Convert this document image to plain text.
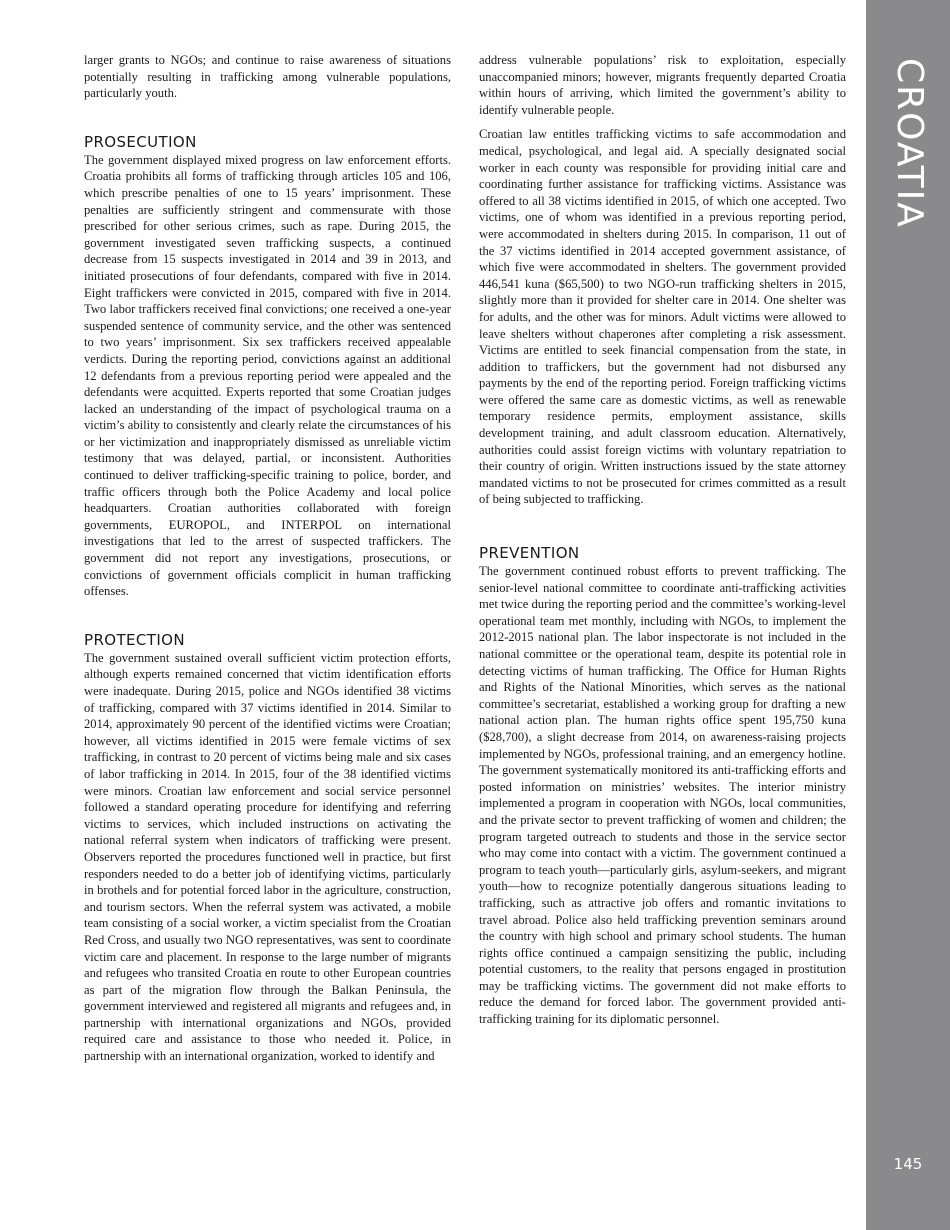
larger grants to NGOs; and continue to raise awareness of situations potentially resulting in trafficking among vulnerable populations, particularly youth.

PROSECUTION

The government displayed mixed progress on law enforcement efforts. Croatia prohibits all forms of trafficking through articles 105 and 106, which prescribe penalties of one to 15 years’ imprisonment. These penalties are sufficiently stringent and commensurate with those prescribed for other serious crimes, such as rape. During 2015, the government investigated seven trafficking suspects, a continued decrease from 15 suspects investigated in 2014 and 39 in 2013, and initiated prosecutions of four defendants, compared with five in 2014. Eight traffickers were convicted in 2015, compared with five in 2014. Two labor traffickers received final convictions; one received a one-year suspended sentence of community service, and the other was sentenced to two years’ imprisonment. Six sex traffickers received appealable verdicts. During the reporting period, convictions against an additional 12 defendants from a previous reporting period were appealed and the defendants were acquitted. Experts reported that some Croatian judges lacked an understanding of the impact of psychological trauma on a victim’s ability to consistently and clearly relate the circumstances of his or her victimization and inappropriately dismissed as unreliable victim testimony that was delayed, partial, or inconsistent. Authorities continued to deliver trafficking-specific training to police, border, and traffic officers through both the Police Academy and local police headquarters. Croatian authorities collaborated with foreign governments, EUROPOL, and INTERPOL on international investigations that led to the arrest of suspected traffickers. The government did not report any investigations, prosecutions, or convictions of government officials complicit in human trafficking offenses.

PROTECTION

The government sustained overall sufficient victim protection efforts, although experts remained concerned that victim identification efforts were inadequate. During 2015, police and NGOs identified 38 victims of trafficking, compared with 37 victims identified in 2014. Similar to 2014, approximately 90 percent of the identified victims were Croatian; however, all victims identified in 2015 were female victims of sex trafficking, in contrast to 20 percent of victims being male and six cases of labor trafficking in 2014. In 2015, four of the 38 identified victims were minors. Croatian law enforcement and social service personnel followed a standard operating procedure for identifying and referring victims to services, which included instructions on activating the national referral system when indicators of trafficking were present. Observers reported the procedures functioned well in practice, but first responders needed to do a better job of identifying victims, particularly in brothels and for potential forced labor in the agriculture, construction, and tourism sectors. When the referral system was activated, a mobile team consisting of a social worker, a victim specialist from the Croatian Red Cross, and usually two NGO representatives, was sent to coordinate victim care and placement. In response to the large number of migrants and refugees who transited Croatia en route to other European countries as part of the migration flow through the Balkan Peninsula, the government interviewed and registered all migrants and refugees and, in partnership with international organizations and NGOs, provided required care and assistance to those who needed it. Police, in partnership with an international organization, worked to identify and

address vulnerable populations’ risk to exploitation, especially unaccompanied minors; however, migrants frequently departed Croatia within hours of arriving, which limited the government’s ability to identify vulnerable people.

Croatian law entitles trafficking victims to safe accommodation and medical, psychological, and legal aid. A specially designated social worker in each county was responsible for providing initial care and coordinating further assistance for trafficking victims. Assistance was offered to all 38 victims identified in 2015, of which one accepted. Two victims, one of whom was identified in a previous reporting period, were accommodated in shelters during 2015. In comparison, 11 out of the 37 victims identified in 2014 accepted government assistance, of which five were accommodated in shelters. The government provided 446,541 kuna ($65,500) to two NGO-run trafficking shelters in 2015, slightly more than it provided for shelter care in 2014. One shelter was for adults, and the other was for minors. Adult victims were allowed to leave shelters without chaperones after completing a risk assessment. Victims are entitled to seek financial compensation from the state, in addition to traffickers, but the government had not disbursed any payments by the end of the reporting period. Foreign trafficking victims were offered the same care as domestic victims, as well as renewable temporary residence permits, employment assistance, skills development training, and adult classroom education. Alternatively, authorities could assist foreign victims with voluntary repatriation to their country of origin. Written instructions issued by the state attorney mandated victims to not be prosecuted for crimes committed as a result of being subjected to trafficking.

PREVENTION

The government continued robust efforts to prevent trafficking. The senior-level national committee to coordinate anti-trafficking activities met twice during the reporting period and the committee’s working-level operational team met monthly, including with NGOs, to implement the 2012-2015 national plan. The labor inspectorate is not included in the national committee or the operational team, despite its potential role in detecting victims of human trafficking. The Office for Human Rights and Rights of the National Minorities, which serves as the national committee’s secretariat, established a working group for drafting a new national action plan. The human rights office spent 195,750 kuna ($28,700), a slight decrease from 2014, on awareness-raising projects implemented by NGOs, professional training, and an emergency hotline. The government systematically monitored its anti-trafficking efforts and posted information on ministries’ websites. The interior ministry implemented a program in cooperation with NGOs, local communities, and the private sector to prevent trafficking of women and children; the program targeted outreach to students and those in the service sector who may come into contact with a victim. The government continued a program to teach youth—particularly girls, asylum-seekers, and migrant youth—how to recognize potentially dangerous situations leading to trafficking, such as attractive job offers and romantic invitations to travel abroad. Police also held trafficking prevention seminars around the country with high school and primary school students. The human rights office continued a campaign sensitizing the public, including potential customers, to the reality that persons engaged in prostitution may be trafficking victims. The government did not make efforts to reduce the demand for forced labor. The government provided anti-trafficking training for its diplomatic personnel.

CROATIA
145
